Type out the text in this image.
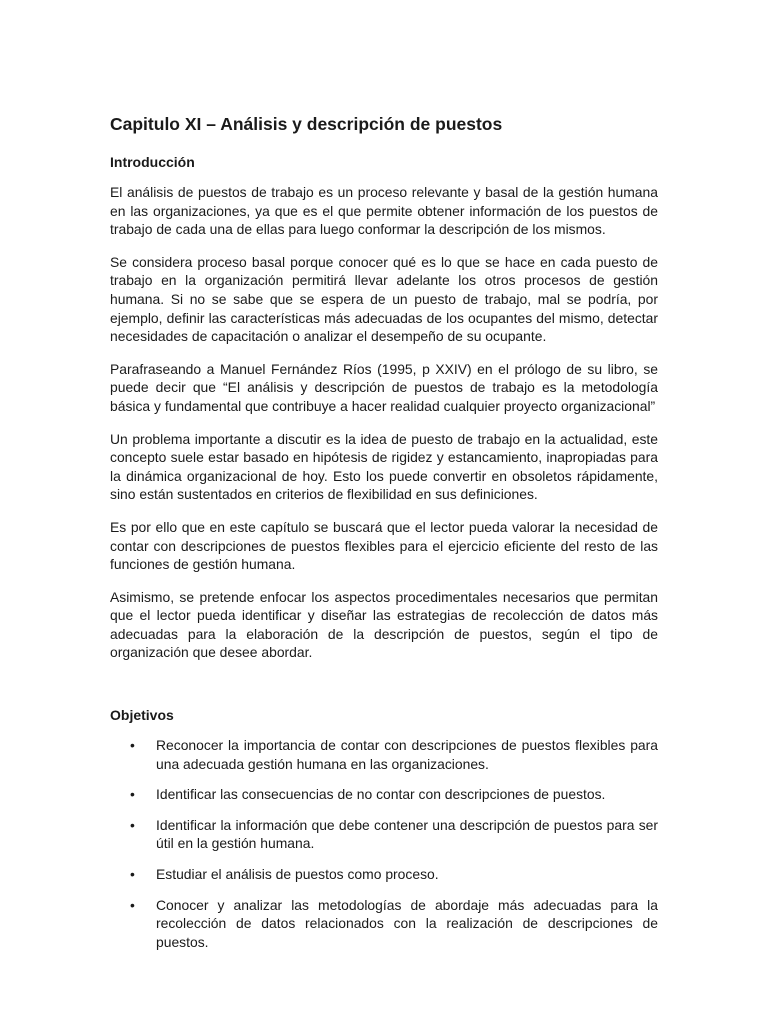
Capitulo XI – Análisis y descripción de puestos
Introducción

El análisis de puestos de trabajo es un proceso relevante y basal de la gestión humana en las organizaciones, ya que es el que permite obtener información de los puestos de trabajo de cada una de ellas para luego conformar la descripción de los mismos.

Se considera proceso basal porque conocer qué es lo que se hace en cada puesto de trabajo en la organización permitirá llevar adelante los otros procesos de gestión humana. Si no se sabe que se espera de un puesto de trabajo, mal se podría, por ejemplo, definir las características más adecuadas de los ocupantes del mismo, detectar necesidades de capacitación o analizar el desempeño de su ocupante.

Parafraseando a Manuel Fernández Ríos (1995, p XXIV) en el prólogo de su libro, se puede decir que “El análisis y descripción de puestos de trabajo es la metodología básica y fundamental que contribuye a hacer realidad cualquier proyecto organizacional”

Un problema importante a discutir es la idea de puesto de trabajo en la actualidad, este concepto suele estar basado en hipótesis de rigidez y estancamiento, inapropiadas para la dinámica organizacional de hoy. Esto los puede convertir en obsoletos rápidamente, sino están sustentados en criterios de flexibilidad en sus definiciones.

Es por ello que en este capítulo se buscará que el lector pueda valorar la necesidad de contar con descripciones de puestos flexibles para el ejercicio eficiente del resto de las funciones de gestión humana.

Asimismo, se pretende enfocar los aspectos procedimentales necesarios que permitan que el lector pueda identificar y diseñar las estrategias de recolección de datos más adecuadas para la elaboración de la descripción de puestos, según el tipo de organización que desee abordar.

Objetivos
• Reconocer la importancia de contar con descripciones de puestos flexibles para una adecuada gestión humana en las organizaciones.
• Identificar las consecuencias de no contar con descripciones de puestos.
• Identificar la información que debe contener una descripción de puestos para ser útil en la gestión humana.
• Estudiar el análisis de puestos como proceso.
• Conocer y analizar las metodologías de abordaje más adecuadas para la recolección de datos relacionados con la realización de descripciones de puestos.
